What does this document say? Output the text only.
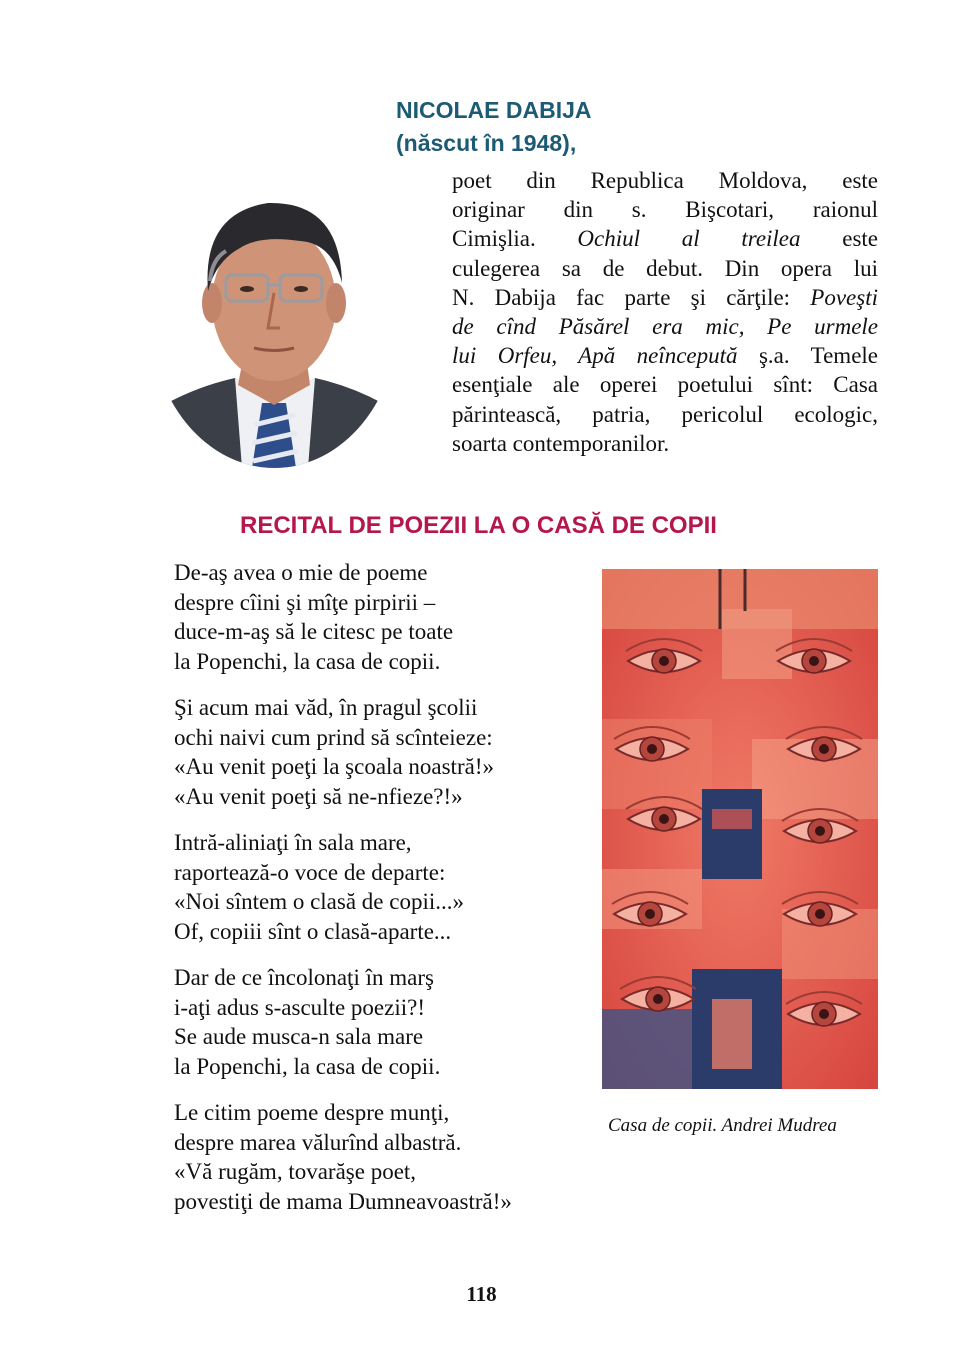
NICOLAE DABIJA
(născut în 1948),
poet din Republica Moldova, este
originar din s. Bişcotari, raionul
Cimişlia. Ochiul al treilea este
culegerea sa de debut. Din opera lui
N. Dabija fac parte şi cărţile: Poveşti
de cînd Păsărel era mic, Pe urmele
lui Orfeu, Apă neîncepută ş.a. Temele
esenţiale ale operei poetului sînt: Casa
părintească, patria, pericolul ecologic,
soarta contemporanilor.
RECITAL DE POEZII LA O CASĂ DE COPII
De-aş avea o mie de poeme
despre cîini şi mîţe pirpirii –
duce-m-aş să le citesc pe toate
la Popenchi, la casa de copii.
Şi acum mai văd, în pragul şcolii
ochi naivi cum prind să scînteieze:
«Au venit poeţi la şcoala noastră!»
«Au venit poeţi să ne-nfieze?!»
Intră-aliniaţi în sala mare,
raportează-o voce de departe:
«Noi sîntem o clasă de copii...»
Of, copiii sînt o clasă-aparte...
Dar de ce încolonaţi în marş
i-aţi adus s-asculte poezii?!
Se aude musca-n sala mare
la Popenchi, la casa de copii.
Le citim poeme despre munţi,
despre marea vălurînd albastră.
«Vă rugăm, tovarăşe poet,
povestiţi de mama Dumneavoastră!»
Casa de copii. Andrei Mudrea
118
